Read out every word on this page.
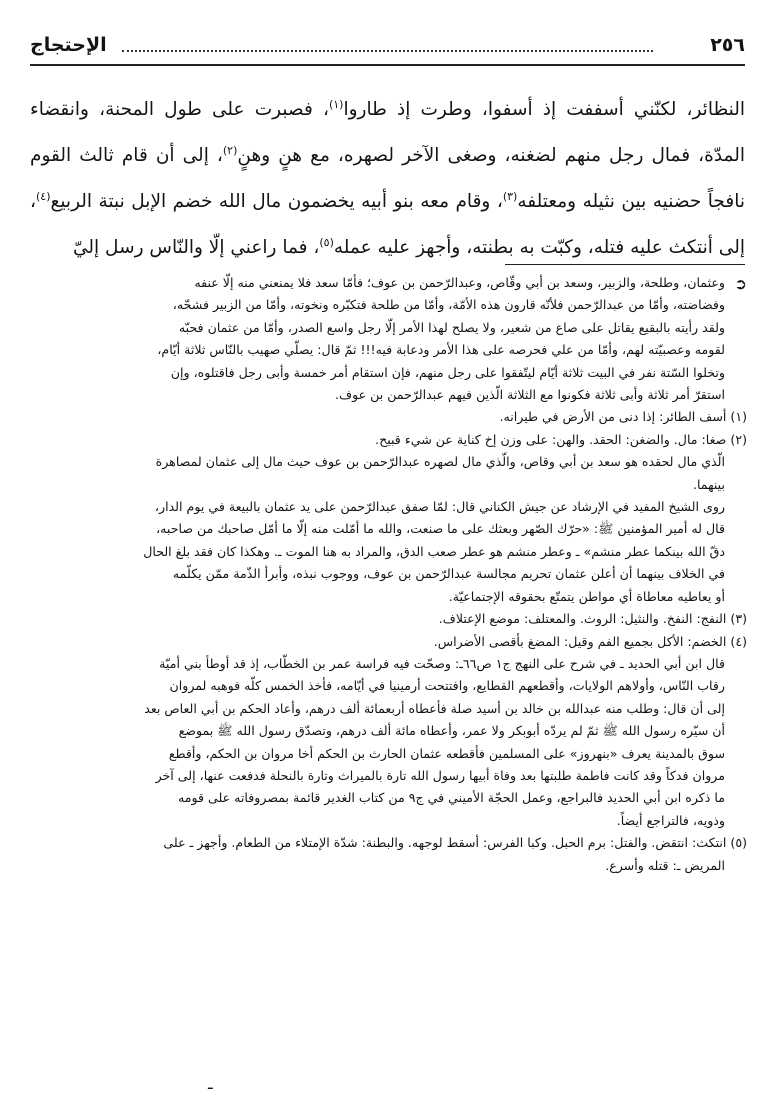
٢٥٦
الإحتجاج

النظائر، لكنّني أسففت إذ أسفوا، وطرت إذ طاروا$^{(١)}$، فصبرت على طول المحنة، وانقضاء المدّة، فمال رجل منهم لضغنه، وصغى الآخر لصهره، مع هنٍ وهنٍ$^{(٢)}$، إلى أن قام ثالث القوم نافجاً حضنيه بين نثيله ومعتلفه$^{(٣)}$، وقام معه بنو أبيه يخضمون مال الله خضم الإبل نبتة الربيع$^{(٤)}$، إلى أنتكث عليه فتله، وكبّت به بطنته، وأجهز عليه عمله$^{(٥)}$، فما راعني إلّا والنّاس رسل إليّ

➲

وعثمان، وطلحة، والزبير، وسعد بن أبي وقّاص، وعبدالرّحمن بن عوف؛ فأمّا سعد فلا يمنعني منه إلّا عنفه

وفضاضته، وأمّا من عبدالرّحمن فلأنّه قارون هذه الأمّة، وأمّا من طلحة فتكبّره ونخوته، وأمّا من الزبير فشحّه،

ولقد رأيته بالبقيع يقاتل على صاع من شعير، ولا يصلح لهذا الأمر إلّا رجل واسع الصدر، وأمّا من عثمان فحبّه

لقومه وعصبيّته لهم، وأمّا من علي فحرصه على هذا الأمر ودعابة فيه!!! ثمّ قال: يصلّي صهيب بالنّاس ثلاثة أيّام،

وتخلوا السّتة نفر في البيت ثلاثة أيّام ليتّفقوا على رجل منهم، فإن استقام أمر خمسة وأبى رجل فاقتلوه، وإن

استقرّ أمر ثلاثة وأبى ثلاثة فكونوا مع الثلاثة الّذين فيهم عبدالرّحمن بن عوف.

(١) أسف الطائر: إذا دنى من الأرض في طيرانه.

(٢) صغا: مال. والضغن: الحقد. والهن: على وزن إخ كناية عن شيء قبيح.

الّذي مال لحقده هو سعد بن أبي وقاص، والّذي مال لصهره عبدالرّحمن بن عوف حيث مال إلى عثمان لمصاهرة

بينهما.

روى الشيخ المفيد في الإرشاد عن جيش الكناني قال: لمّا صفق عبدالرّحمن على يد عثمان بالبيعة في يوم الدار،

قال له أمير المؤمنين ﷺ: «حرّك الصّهر وبعثك على ما صنعت، والله ما أمّلت منه إلّا ما أمّل صاحبك من صاحبه،

دقّ الله بينكما عطر منشم» ـ وعطر منشم هو عطر صعب الدق، والمراد به هنا الموت ـ. وهكذا كان فقد بلغ الحال

في الخلاف بينهما أن أعلن عثمان تحريم مجالسة عبدالرّحمن بن عوف، ووجوب نبذه، وأبرأ الذّمة ممّن يكلّمه

أو يعاطيه معاطاة أي مواطن يتمتّع بحقوقه الإجتماعيّة.

(٣) النفج: النفخ. والنثيل: الروث. والمعتلف: موضع الإعتلاف.

(٤) الخضم: الأكل بجميع الفم وقيل: المضغ بأقصى الأضراس.

قال ابن أبي الحديد ـ في شرح على النهج ج١ ص٦٦ـ: وصحّت فيه فراسة عمر بن الخطّاب، إذ قد أوطأ بني أميّة

رقاب النّاس، وأولاهم الولايات، وأقطعهم القطايع، وافتتحت أرمينيا في أيّامه، فأخذ الخمس كلّه فوهبه لمروان

إلى أن قال: وطلب منه عبدالله بن خالد بن أسيد صلة فأعطاه أربعمائة ألف درهم، وأعاد الحكم بن أبي العاص بعد

أن سيّره رسول الله ﷺ ثمّ لم يردّه أبوبكر ولا عمر، وأعطاه مائة ألف درهم، وتصدّق رسول الله ﷺ بموضع

سوق بالمدينة يعرف «بنهروز» على المسلمين فأقطعه عثمان الحارث بن الحكم أخا مروان بن الحكم، وأقطع

مروان فدكاً وقد كانت فاطمة طلبتها بعد وفاة أبيها رسول الله تارة بالميراث وتارة بالنحلة فدفعت عنها، إلى آخر

ما ذكره ابن أبي الحديد فالبراجع، وعمل الحجّة الأميني في ج٩ من كتاب الغدير قائمة بمصروفاته على قومه

وذويه، فالتراجع أيضاً.

(٥) انتكث: انتقض. والفتل: برم الحبل. وكبا الفرس: أسقط لوجهه. والبطنة: شدّة الإمتلاء من الطعام. وأجهز ـ على

المريض ـ: قتله وأسرع.

ـ
